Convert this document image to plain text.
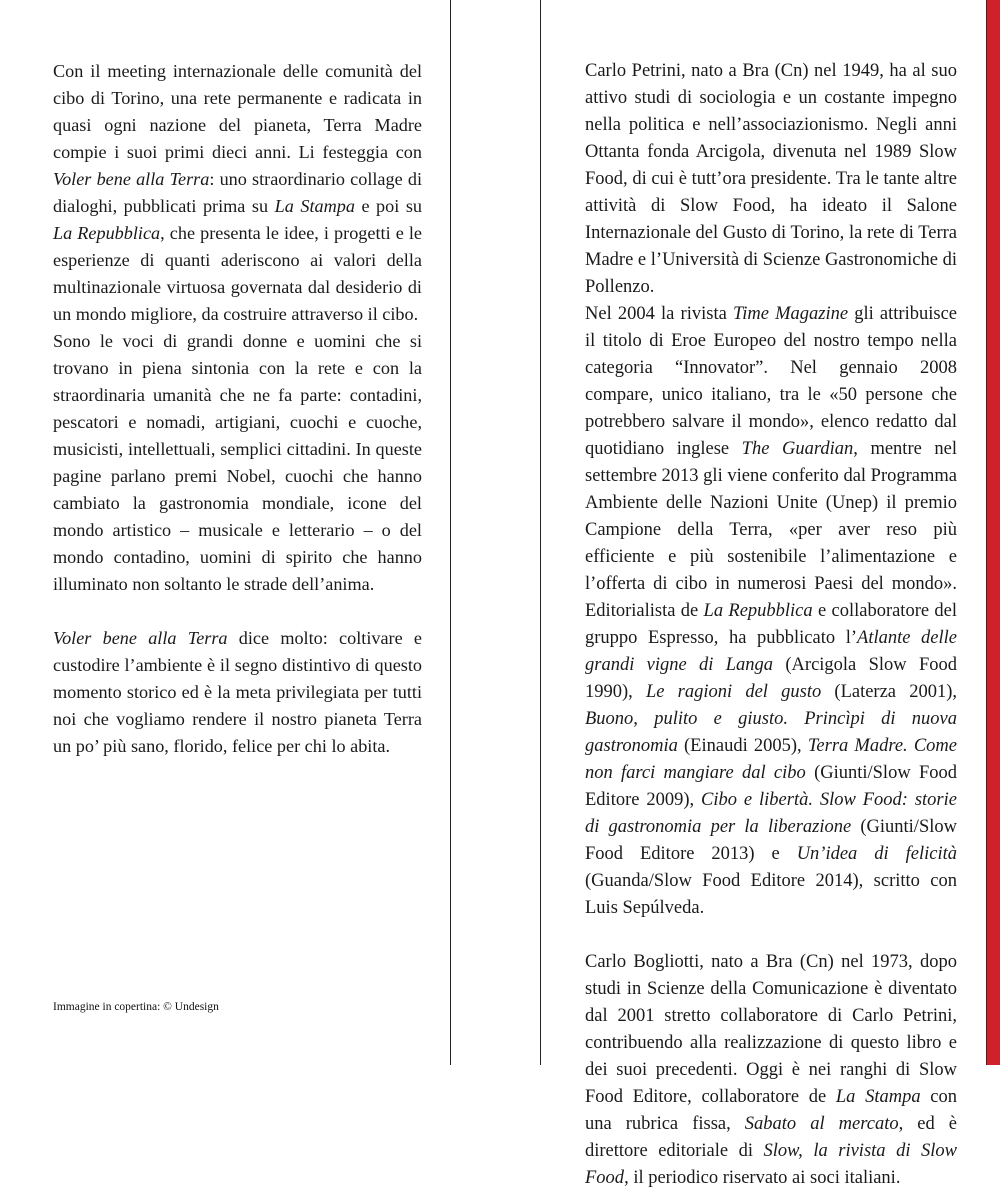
Con il meeting internazionale delle comunità del cibo di Torino, una rete permanente e radicata in quasi ogni nazione del pianeta, Terra Madre compie i suoi primi dieci anni. Li festeggia con Voler bene alla Terra: uno straordinario collage di dialoghi, pubblicati prima su La Stampa e poi su La Repubblica, che presenta le idee, i progetti e le esperienze di quanti aderiscono ai valori della multinazionale virtuosa governata dal desiderio di un mondo migliore, da costruire attraverso il cibo.

Sono le voci di grandi donne e uomini che si trovano in piena sintonia con la rete e con la straordinaria umanità che ne fa parte: contadini, pescatori e nomadi, artigiani, cuochi e cuoche, musicisti, intellettuali, semplici cittadini. In queste pagine parlano premi Nobel, cuochi che hanno cambiato la gastronomia mondiale, icone del mondo artistico – musicale e letterario – o del mondo contadino, uomini di spirito che hanno illuminato non soltanto le strade dell’anima.

Voler bene alla Terra dice molto: coltivare e custodire l’ambiente è il segno distintivo di questo momento storico ed è la meta privilegiata per tutti noi che vogliamo rendere il nostro pianeta Terra un po’ più sano, florido, felice per chi lo abita.

Immagine in copertina: © Undesign

Carlo Petrini, nato a Bra (Cn) nel 1949, ha al suo attivo studi di sociologia e un costante impegno nella politica e nell’associazionismo. Negli anni Ottanta fonda Arcigola, divenuta nel 1989 Slow Food, di cui è tutt’ora presidente. Tra le tante altre attività di Slow Food, ha ideato il Salone Internazionale del Gusto di Torino, la rete di Terra Madre e l’Università di Scienze Gastronomiche di Pollenzo.

Nel 2004 la rivista Time Magazine gli attribuisce il titolo di Eroe Europeo del nostro tempo nella categoria “Innovator”. Nel gennaio 2008 compare, unico italiano, tra le «50 persone che potrebbero salvare il mondo», elenco redatto dal quotidiano inglese The Guardian, mentre nel settembre 2013 gli viene conferito dal Programma Ambiente delle Nazioni Unite (Unep) il premio Campione della Terra, «per aver reso più efficiente e più sostenibile l’alimentazione e l’offerta di cibo in numerosi Paesi del mondo». Editorialista de La Repubblica e collaboratore del gruppo Espresso, ha pubblicato l’Atlante delle grandi vigne di Langa (Arcigola Slow Food 1990), Le ragioni del gusto (Laterza 2001), Buono, pulito e giusto. Princìpi di nuova gastronomia (Einaudi 2005), Terra Madre. Come non farci mangiare dal cibo (Giunti/Slow Food Editore 2009), Cibo e libertà. Slow Food: storie di gastronomia per la liberazione (Giunti/Slow Food Editore 2013) e Un’idea di felicità (Guanda/Slow Food Editore 2014), scritto con Luis Sepúlveda.

Carlo Bogliotti, nato a Bra (Cn) nel 1973, dopo studi in Scienze della Comunicazione è diventato dal 2001 stretto collaboratore di Carlo Petrini, contribuendo alla realizzazione di questo libro e dei suoi precedenti. Oggi è nei ranghi di Slow Food Editore, collaboratore de La Stampa con una rubrica fissa, Sabato al mercato, ed è direttore editoriale di Slow, la rivista di Slow Food, il periodico riservato ai soci italiani.
